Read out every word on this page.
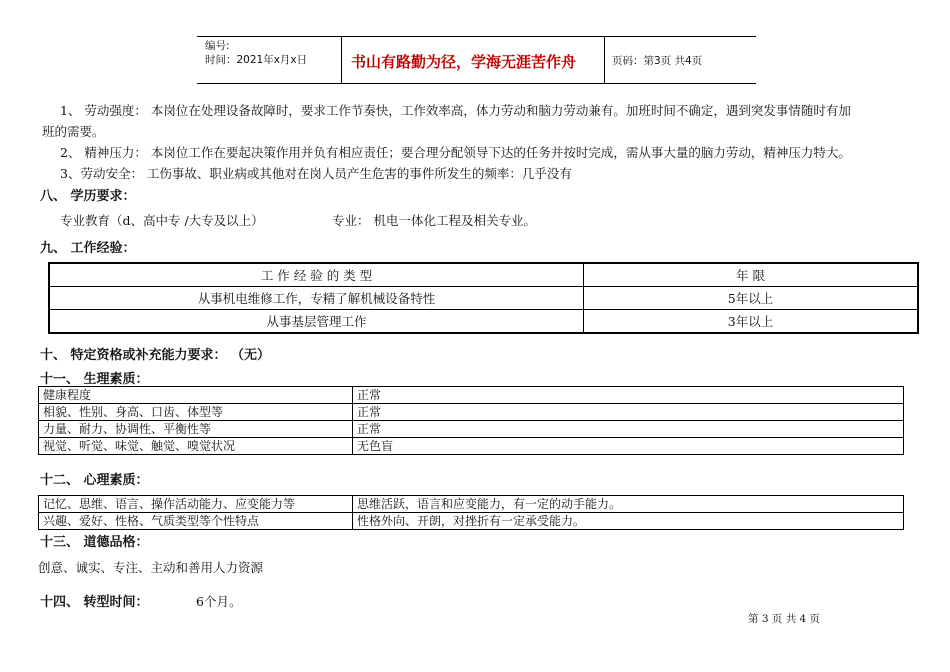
编号:
时间：2021年x月x日	书山有路勤为径，学海无涯苦作舟	页码：第3页 共4页
1、 劳动强度： 本岗位在处理设备故障时，要求工作节奏快，工作效率高，体力劳动和脑力劳动兼有。加班时间不确定，遇到突发事情随时有加
班的需要。
2、 精神压力： 本岗位工作在要起决策作用并负有相应责任；要合理分配领导下达的任务并按时完成，需从事大量的脑力劳动，精神压力特大。
3、劳动安全： 工伤事故、职业病或其他对在岗人员产生危害的事件所发生的频率：几乎没有
八、 学历要求：
专业教育（d、高中专 /大专及以上）	专业： 机电一体化工程及相关专业。
九、 工作经验：
工 作 经 验 的 类 型	年 限
从事机电维修工作，专精了解机械设备特性	5年以上
从事基层管理工作	3年以上
十、 特定资格或补充能力要求： （无）
十一、 生理素质：
健康程度	正常
相貌、性别、身高、口齿、体型等	正常
力量、耐力、协调性、平衡性等	正常
视觉、听觉、味觉、触觉、嗅觉状况	无色盲
十二、 心理素质：
记忆、思维、语言、操作活动能力、应变能力等	思维活跃，语言和应变能力，有一定的动手能力。
兴趣、爱好、性格、气质类型等个性特点	性格外向、开朗，对挫折有一定承受能力。
十三、 道德品格：
创意、诚实、专注、主动和善用人力资源
十四、 转型时间：	6个月。
第 3 页 共 4 页
